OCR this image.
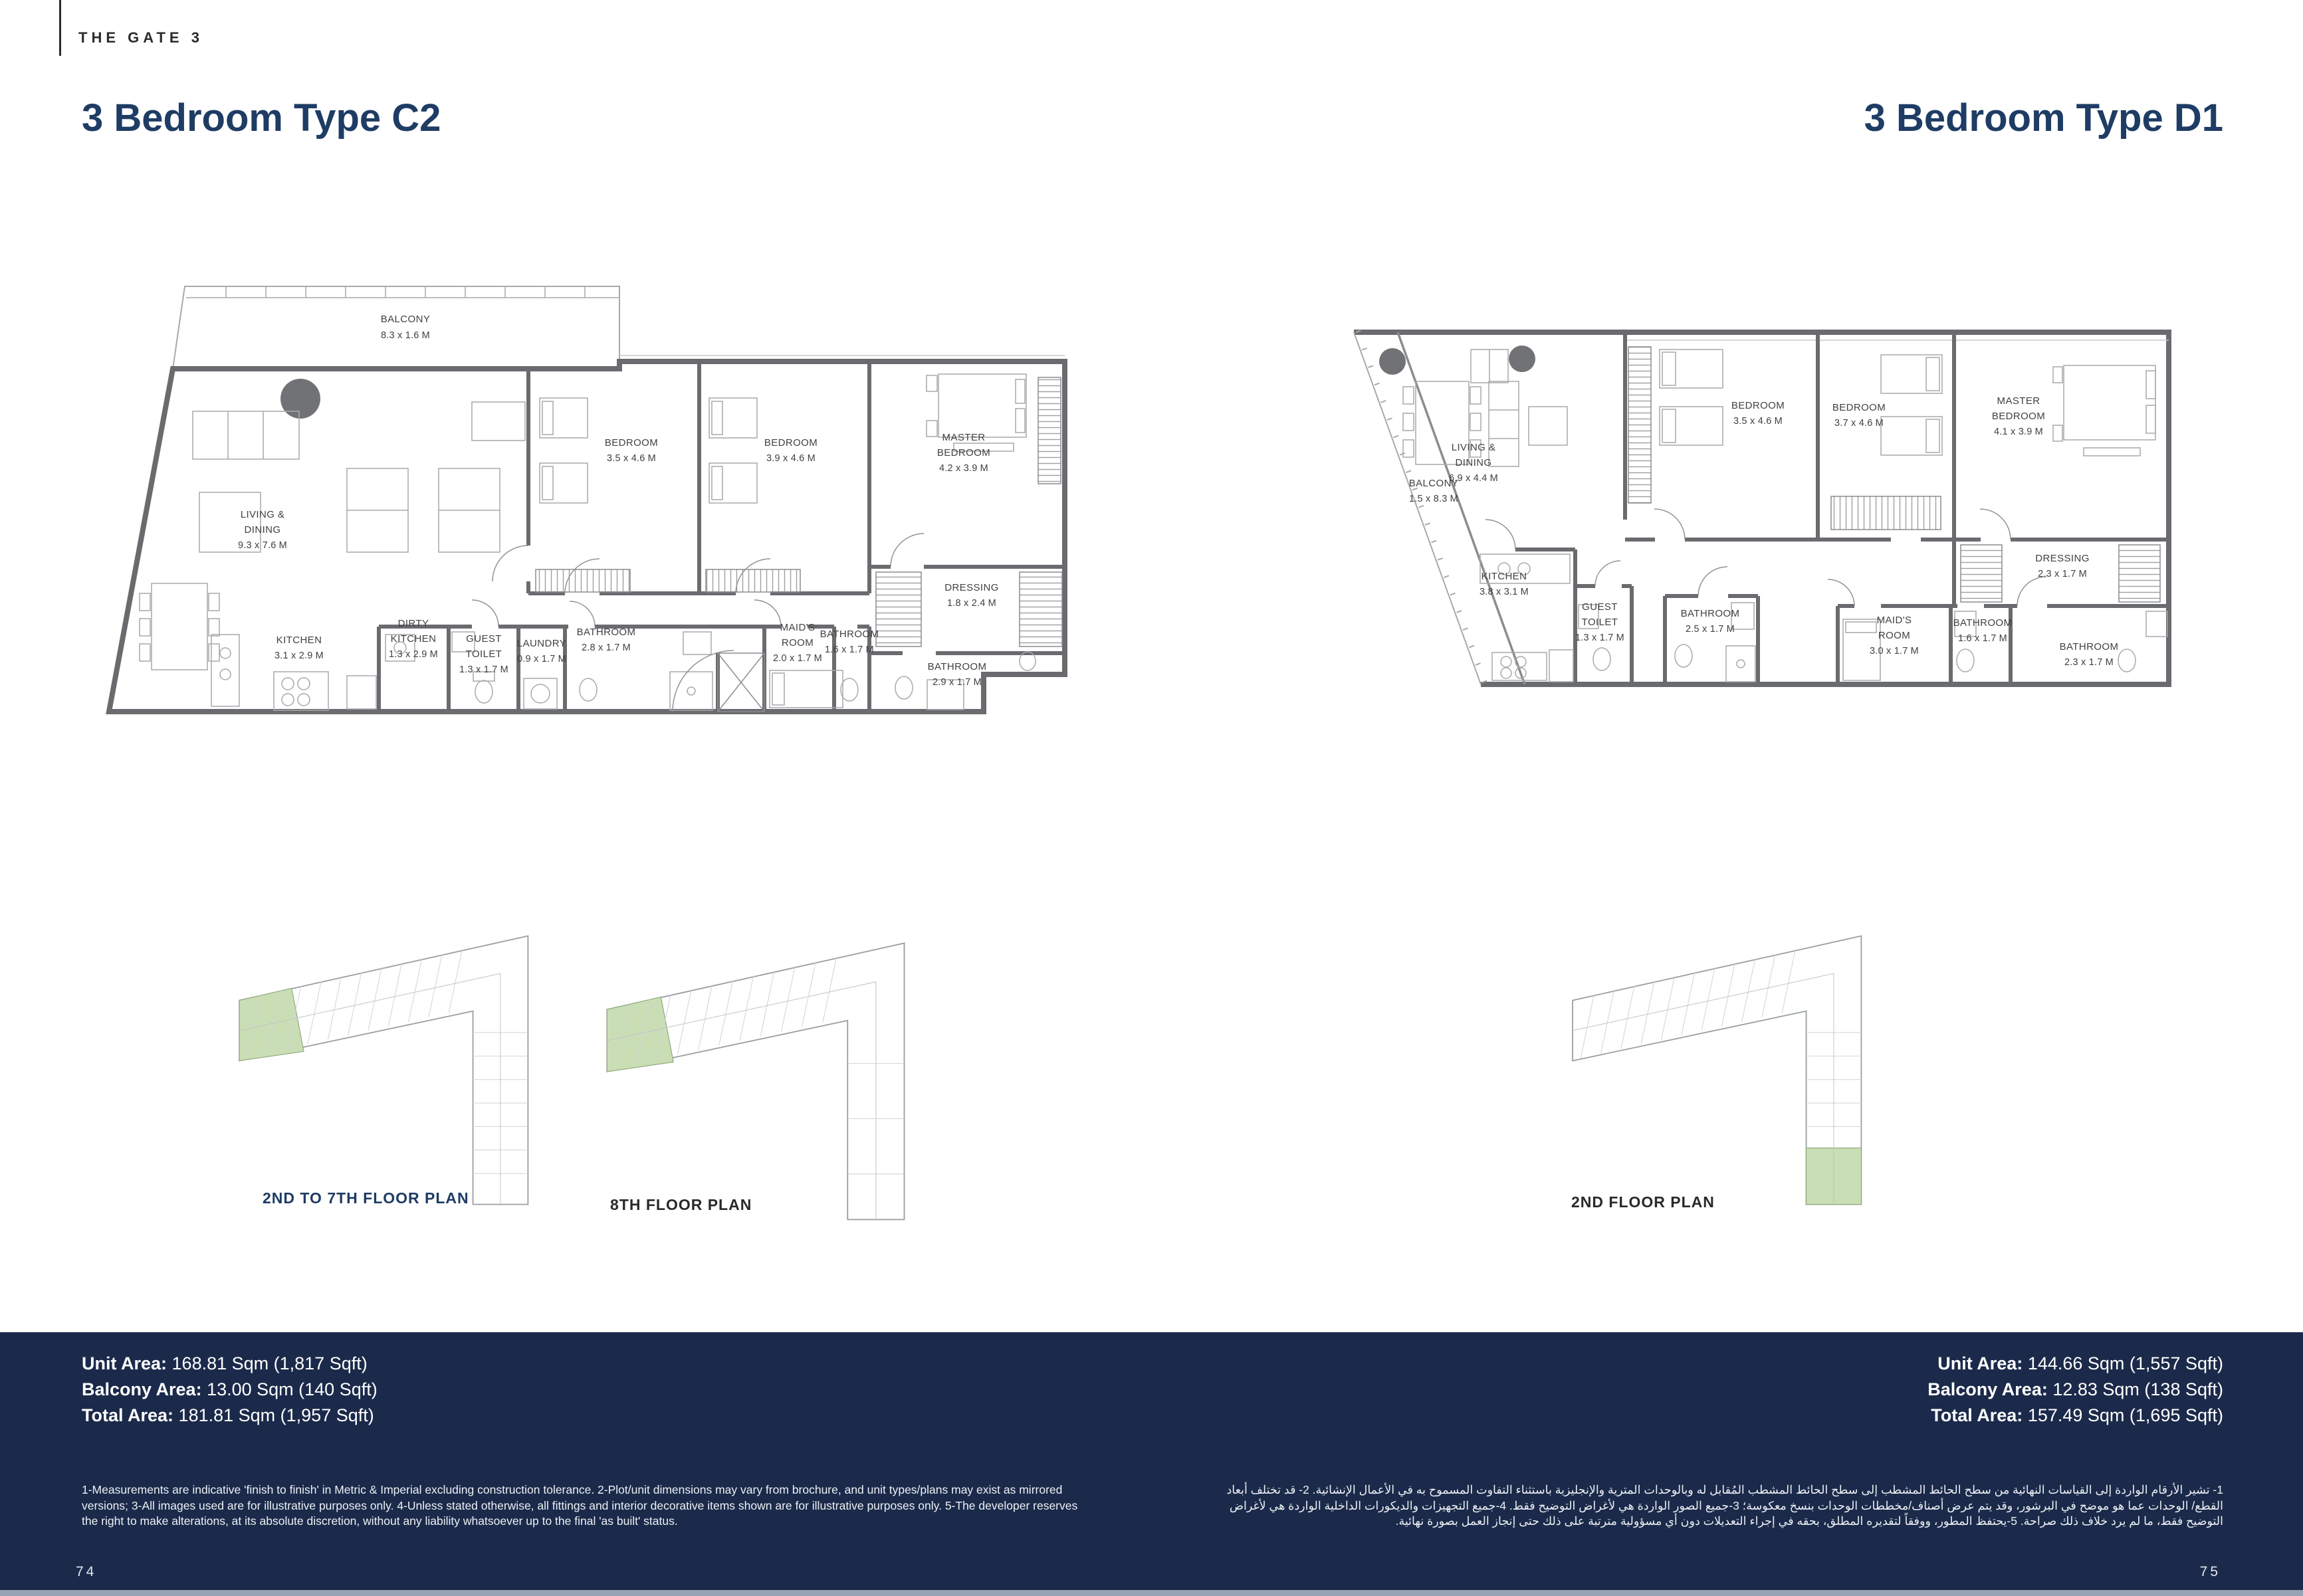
THE GATE 3
3 Bedroom Type C2	3 Bedroom Type D1
BALCONY
8.3 x 1.6 M
LIVING &
DINING
9.3 x 7.6 M
BEDROOM
3.5 x 4.6 M
BEDROOM
3.9 x 4.6 M
MASTER
BEDROOM
4.2 x 3.9 M
KITCHEN
3.1 x 2.9 M
DIRTY
KITCHEN
1.3 x 2.9 M
GUEST
TOILET
1.3 x 1.7 M
LAUNDRY
0.9 x 1.7 M
BATHROOM
2.8 x 1.7 M
MAID'S
ROOM
2.0 x 1.7 M
BATHROOM
1.6 x 1.7 M
BATHROOM
2.9 x 1.7 M
DRESSING
1.8 x 2.4 M
BALCONY
1.5 x 8.3 M
LIVING &
DINING
6.9 x 4.4 M
KITCHEN
3.8 x 3.1 M
GUEST
TOILET
1.3 x 1.7 M
BEDROOM
3.5 x 4.6 M
BEDROOM
3.7 x 4.6 M
MASTER
BEDROOM
4.1 x 3.9 M
DRESSING
2.3 x 1.7 M
BATHROOM
2.5 x 1.7 M
MAID'S
ROOM
3.0 x 1.7 M
BATHROOM
1.6 x 1.7 M
BATHROOM
2.3 x 1.7 M
2ND TO 7TH FLOOR PLAN	8TH FLOOR PLAN	2ND FLOOR PLAN
Unit Area: 168.81 Sqm (1,817 Sqft)
Balcony Area: 13.00 Sqm (140 Sqft)
Total Area: 181.81 Sqm (1,957 Sqft)
Unit Area: 144.66 Sqm (1,557 Sqft)
Balcony Area: 12.83 Sqm (138 Sqft)
Total Area: 157.49 Sqm (1,695 Sqft)
1-Measurements are indicative 'finish to finish' in Metric & Imperial excluding construction tolerance. 2-Plot/unit dimensions may vary from brochure, and unit types/plans may exist as mirrored versions; 3-All images used are for illustrative purposes only. 4-Unless stated otherwise, all fittings and interior decorative items shown are for illustrative purposes only. 5-The developer reserves the right to make alterations, at its absolute discretion, without any liability whatsoever up to the final 'as built' status.
1- تشير الأرقام الواردة إلى القياسات النهائية من سطح الحائط المشطب إلى سطح الحائط المشطب المُقابل له وبالوحدات المترية والإنجليزية باستثناء التفاوت المسموح به في الأعمال الإنشائية. 2- قد تختلف أبعاد القطع/ الوحدات عما هو موضح في البرشور، وقد يتم عرض أصناف/مخططات الوحدات بنسخ معكوسة؛ 3-جميع الصور الواردة هي لأغراض التوضيح فقط. 4-جميع التجهيزات والديكورات الداخلية الواردة هي لأغراض التوضيح فقط، ما لم يرد خلاف ذلك صراحة. 5-يحتفظ المطور، ووفقاً لتقديره المطلق، بحقه في إجراء التعديلات دون أي مسؤولية مترتبة على ذلك حتى إنجاز العمل بصورة نهائية.
74	75
